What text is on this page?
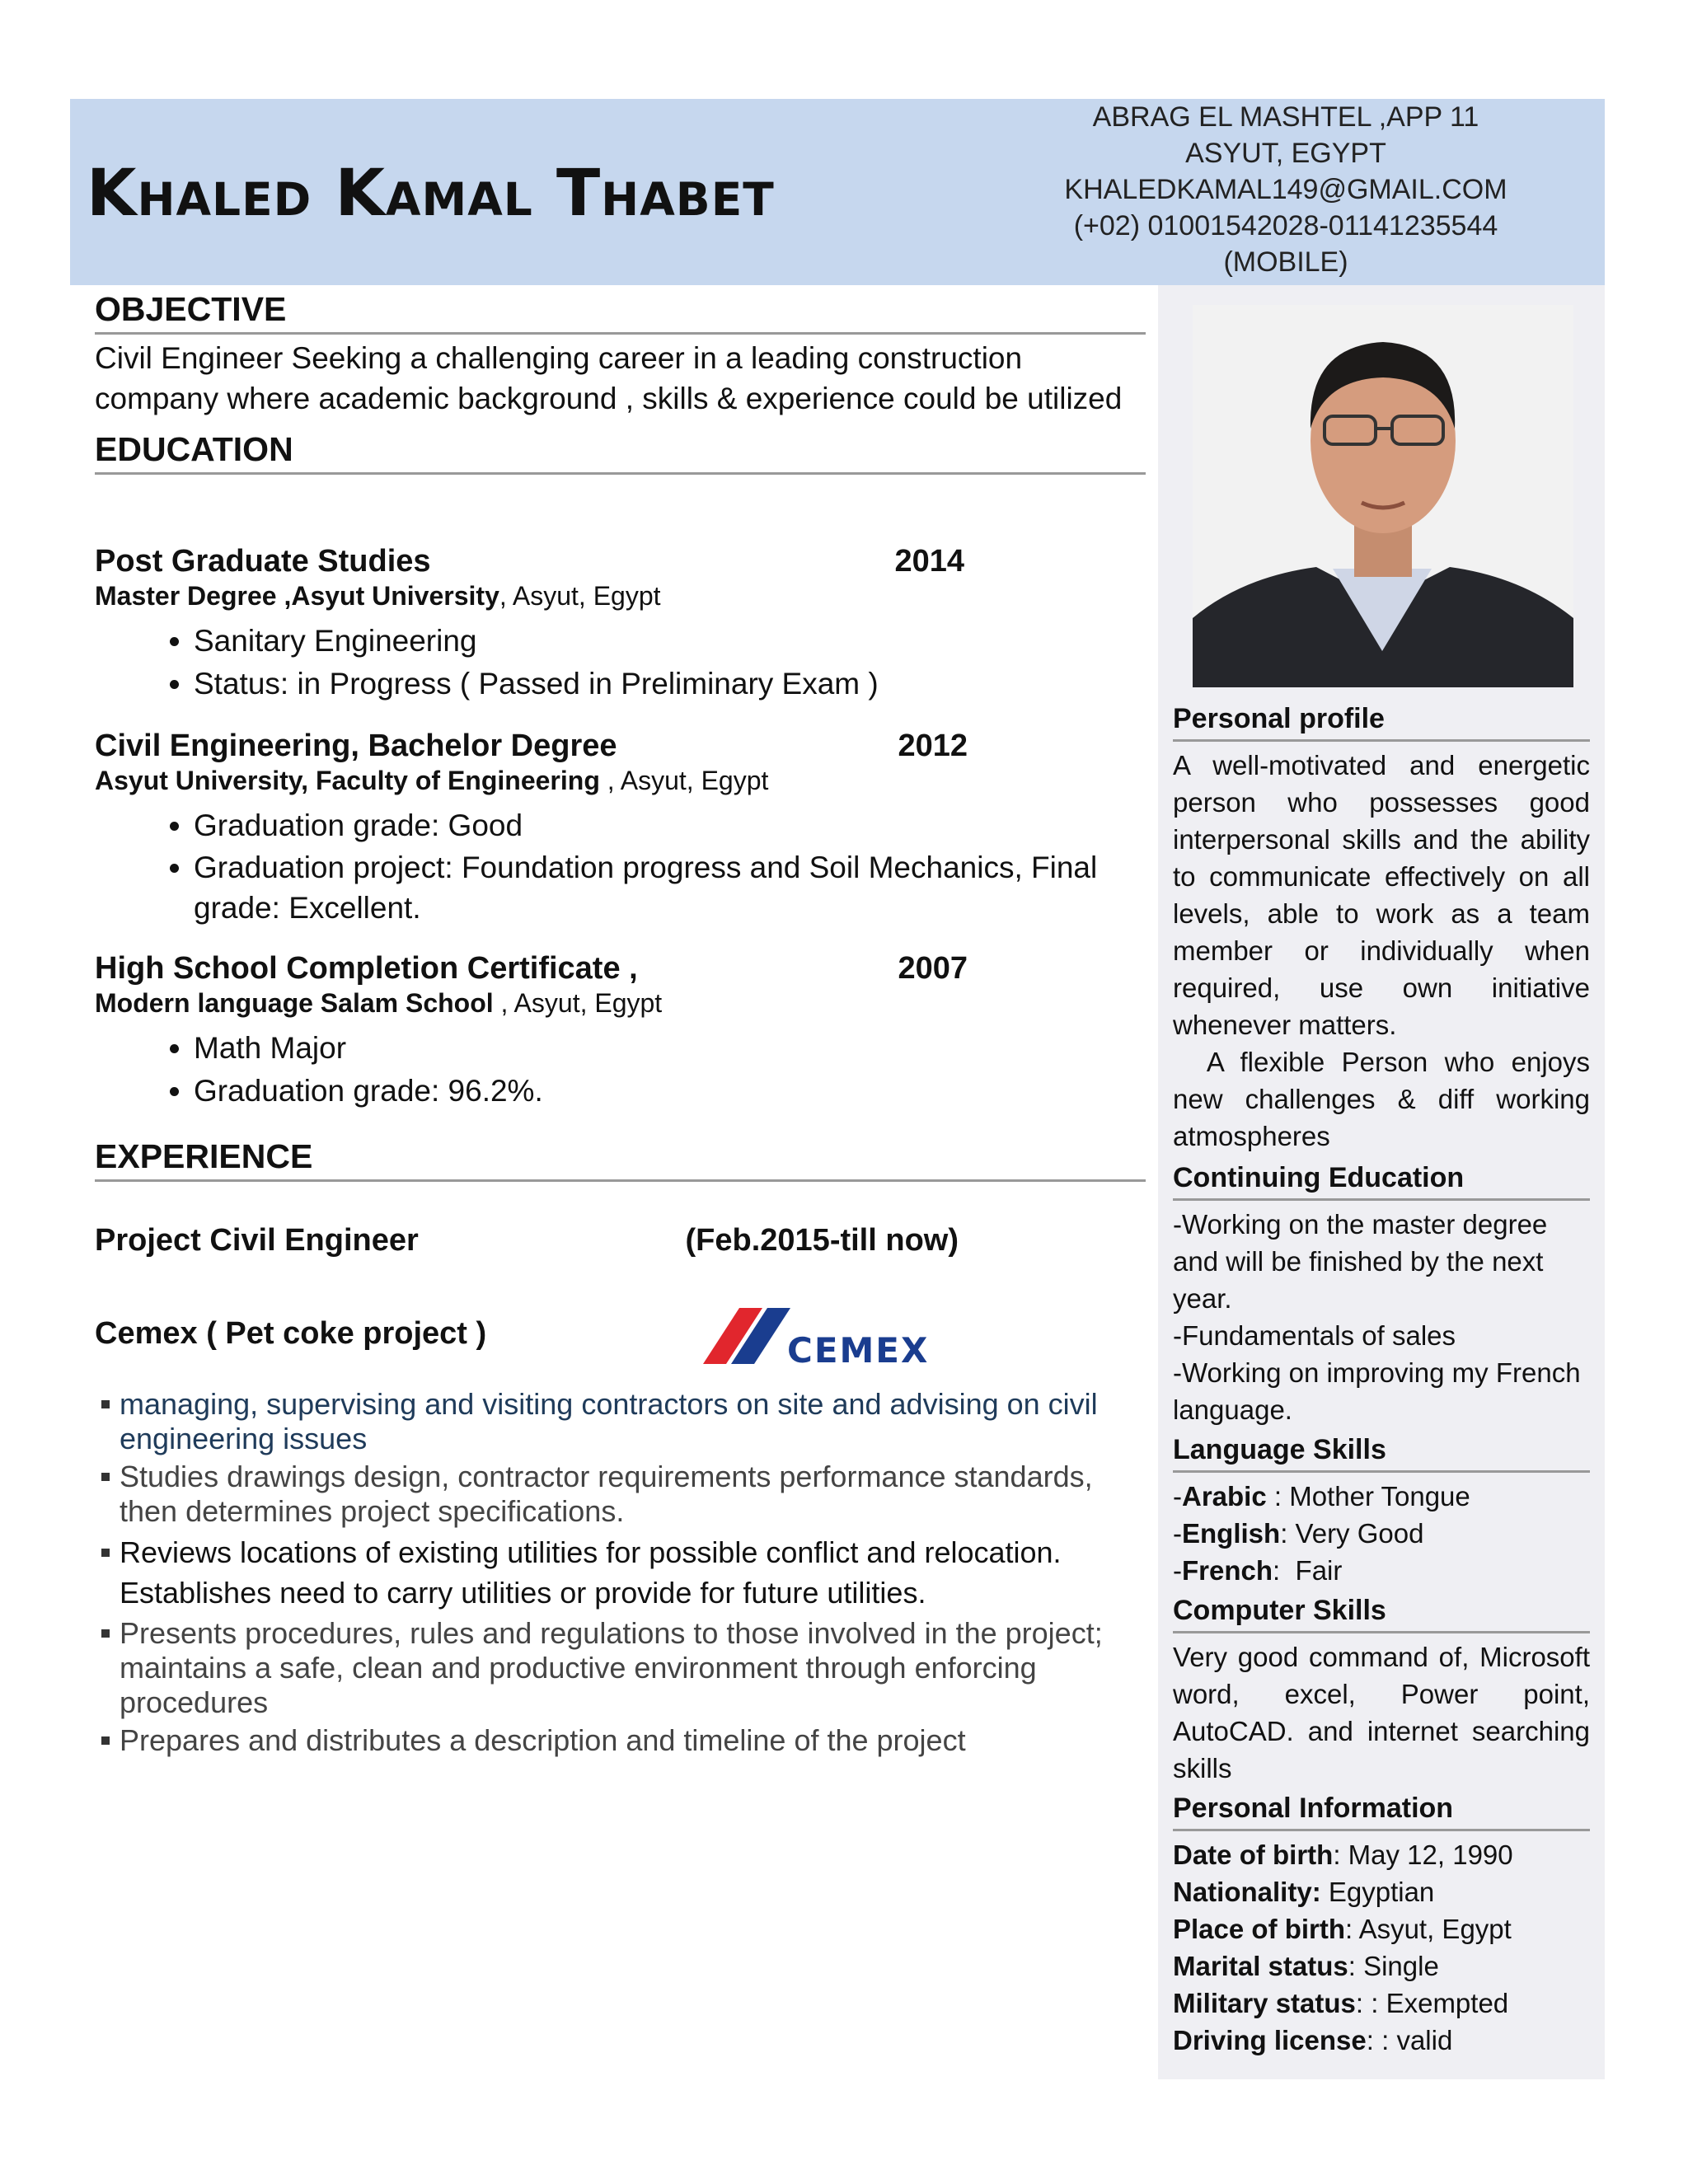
Khaled Kamal Thabet
ABRAG EL MASHTEL ,APP 11
ASYUT, EGYPT
KHALEDKAMAL149@GMAIL.COM
(+02) 01001542028-01141235544
(MOBILE)
OBJECTIVE
Civil Engineer Seeking a challenging career in a leading construction company where academic background , skills & experience could be utilized
EDUCATION
Post Graduate Studies	2014
Master Degree ,Asyut University, Asyut, Egypt
• Sanitary Engineering
• Status: in Progress ( Passed in Preliminary Exam )
Civil Engineering, Bachelor Degree	2012
Asyut University, Faculty of Engineering , Asyut, Egypt
• Graduation grade: Good
• Graduation project: Foundation progress and Soil Mechanics, Final grade: Excellent.
High School Completion Certificate ,	2007
Modern language Salam School , Asyut, Egypt
• Math Major
• Graduation grade: 96.2%.
EXPERIENCE
Project Civil Engineer	(Feb.2015-till now)
Cemex ( Pet coke project )	CEMEX
managing, supervising and visiting contractors on site and advising on civil engineering issues
Studies drawings design, contractor requirements performance standards, then determines project specifications.
Reviews locations of existing utilities for possible conflict and relocation. Establishes need to carry utilities or provide for future utilities.
Presents procedures, rules and regulations to those involved in the project; maintains a safe, clean and productive environment through enforcing procedures
Prepares and distributes a description and timeline of the project
Personal profile
A well-motivated and energetic person who possesses good interpersonal skills and the ability to communicate effectively on all levels, able to work as a team member or individually when required, use own initiative whenever matters.
A flexible Person who enjoys new challenges & diff working atmospheres
Continuing Education
-Working on the master degree and will be finished by the next year.
-Fundamentals of sales
-Working on improving my French language.
Language Skills
-Arabic : Mother Tongue
-English: Very Good
-French:  Fair
Computer Skills
Very good command of, Microsoft word, excel, Power point, AutoCAD. and internet searching skills
Personal Information
Date of birth: May 12, 1990
Nationality: Egyptian
Place of birth: Asyut, Egypt
Marital status: Single
Military status: : Exempted
Driving license: : valid
